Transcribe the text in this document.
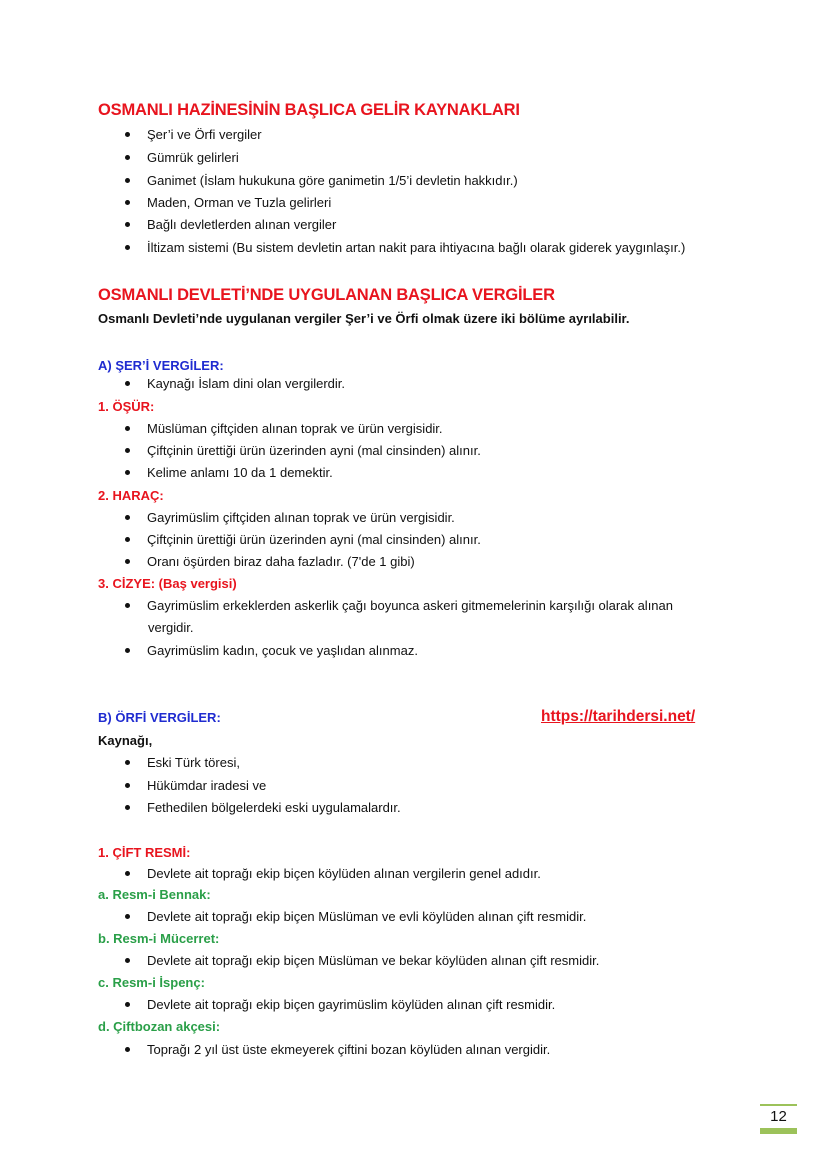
OSMANLI HAZİNESİNİN BAŞLICA GELİR KAYNAKLARI
Şer’i ve Örfi vergiler
Gümrük gelirleri
Ganimet (İslam hukukuna göre ganimetin 1/5’i devletin hakkıdır.)
Maden, Orman ve Tuzla gelirleri
Bağlı devletlerden alınan vergiler
İltizam sistemi (Bu sistem devletin artan nakit para ihtiyacına bağlı olarak giderek yaygınlaşır.)
OSMANLI DEVLETİ’NDE UYGULANAN BAŞLICA VERGİLER
Osmanlı Devleti’nde uygulanan vergiler Şer’i ve Örfi olmak üzere iki bölüme ayrılabilir.
A) ŞER’İ VERGİLER:
Kaynağı İslam dini olan vergilerdir.
1. ÖŞÜR:
Müslüman çiftçiden alınan toprak ve ürün vergisidir.
Çiftçinin ürettiği ürün üzerinden ayni (mal cinsinden) alınır.
Kelime anlamı 10 da 1 demektir.
2. HARAÇ:
Gayrimüslim çiftçiden alınan toprak ve ürün vergisidir.
Çiftçinin ürettiği ürün üzerinden ayni (mal cinsinden) alınır.
Oranı öşürden biraz daha fazladır. (7'de 1 gibi)
3. CİZYE: (Baş vergisi)
Gayrimüslim erkeklerden askerlik çağı boyunca askeri gitmemelerinin karşılığı olarak alınan
vergidir.
Gayrimüslim kadın, çocuk ve yaşlıdan alınmaz.
B) ÖRFİ VERGİLER:	https://tarihdersi.net/
Kaynağı,
Eski Türk töresi,
Hükümdar iradesi ve
Fethedilen bölgelerdeki eski uygulamalardır.
1. ÇİFT RESMİ:
Devlete ait toprağı ekip biçen köylüden alınan vergilerin genel adıdır.
a. Resm-i Bennak:
Devlete ait toprağı ekip biçen Müslüman ve evli köylüden alınan çift resmidir.
b. Resm-i Mücerret:
Devlete ait toprağı ekip biçen Müslüman ve bekar köylüden alınan çift resmidir.
c. Resm-i İspenç:
Devlete ait toprağı ekip biçen gayrimüslim köylüden alınan çift resmidir.
d. Çiftbozan akçesi:
Toprağı 2 yıl üst üste ekmeyerek çiftini bozan köylüden alınan vergidir.
12
